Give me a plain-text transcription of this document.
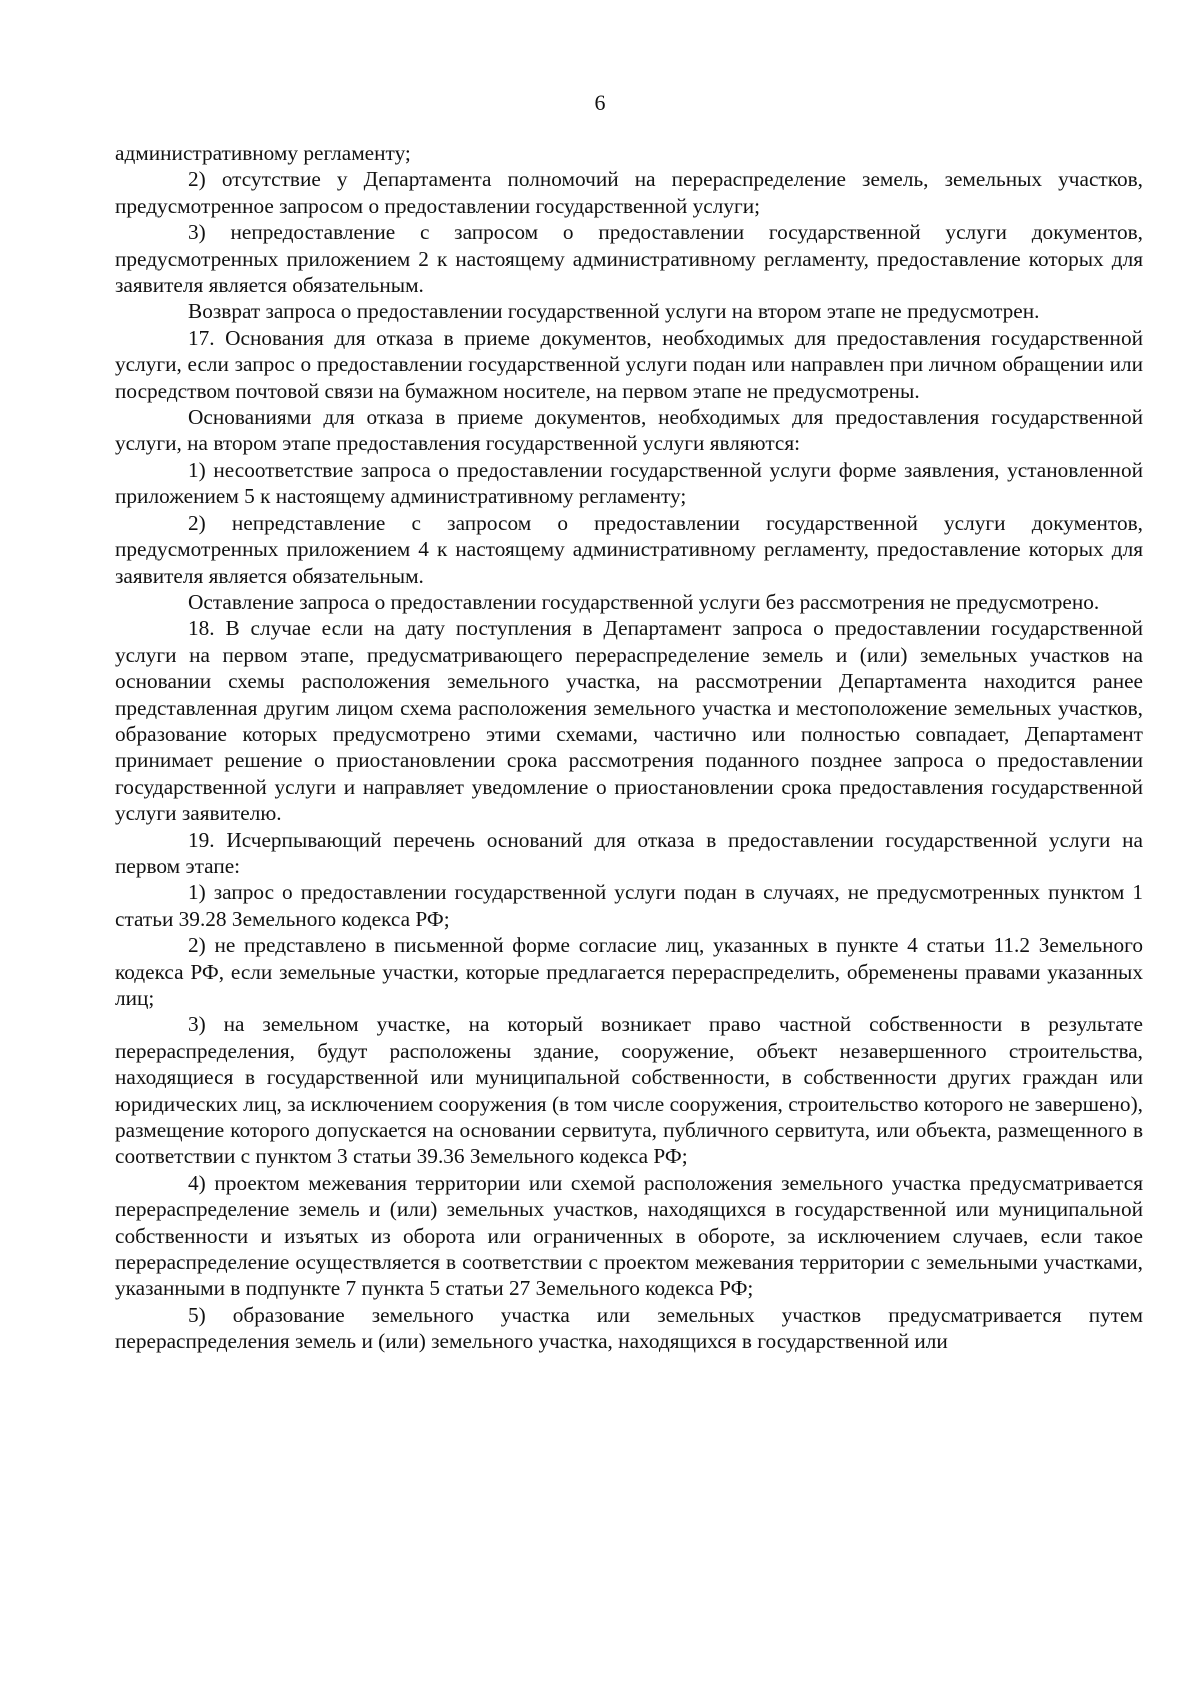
6

административному регламенту;

2) отсутствие у Департамента полномочий на перераспределение земель, земельных участков, предусмотренное запросом о предоставлении государственной услуги;

3) непредоставление с запросом о предоставлении государственной услуги документов, предусмотренных приложением 2 к настоящему административному регламенту, предоставление которых для заявителя является обязательным.

Возврат запроса о предоставлении государственной услуги на втором этапе не предусмотрен.

17. Основания для отказа в приеме документов, необходимых для предоставления государственной услуги, если запрос о предоставлении государственной услуги подан или направлен при личном обращении или посредством почтовой связи на бумажном носителе, на первом этапе не предусмотрены.

Основаниями для отказа в приеме документов, необходимых для предоставления государственной услуги, на втором этапе предоставления государственной услуги являются:

1) несоответствие запроса о предоставлении государственной услуги форме заявления, установленной приложением 5 к настоящему административному регламенту;

2) непредставление с запросом о предоставлении государственной услуги документов, предусмотренных приложением 4 к настоящему административному регламенту, предоставление которых для заявителя является обязательным.

Оставление запроса о предоставлении государственной услуги без рассмотрения не предусмотрено.

18. В случае если на дату поступления в Департамент запроса о предоставлении государственной услуги на первом этапе, предусматривающего перераспределение земель и (или) земельных участков на основании схемы расположения земельного участка, на рассмотрении Департамента находится ранее представленная другим лицом схема расположения земельного участка и местоположение земельных участков, образование которых предусмотрено этими схемами, частично или полностью совпадает, Департамент принимает решение о приостановлении срока рассмотрения поданного позднее запроса о предоставлении государственной услуги и направляет уведомление о приостановлении срока предоставления государственной услуги заявителю.

19. Исчерпывающий перечень оснований для отказа в предоставлении государственной услуги на первом этапе:

1) запрос о предоставлении государственной услуги подан в случаях, не предусмотренных пунктом 1 статьи 39.28 Земельного кодекса РФ;

2) не представлено в письменной форме согласие лиц, указанных в пункте 4 статьи 11.2 Земельного кодекса РФ, если земельные участки, которые предлагается перераспределить, обременены правами указанных лиц;

3) на земельном участке, на который возникает право частной собственности в результате перераспределения, будут расположены здание, сооружение, объект незавершенного строительства, находящиеся в государственной или муниципальной собственности, в собственности других граждан или юридических лиц, за исключением сооружения (в том числе сооружения, строительство которого не завершено), размещение которого допускается на основании сервитута, публичного сервитута, или объекта, размещенного в соответствии с пунктом 3 статьи 39.36 Земельного кодекса РФ;

4) проектом межевания территории или схемой расположения земельного участка предусматривается перераспределение земель и (или) земельных участков, находящихся в государственной или муниципальной собственности и изъятых из оборота или ограниченных в обороте, за исключением случаев, если такое перераспределение осуществляется в соответствии с проектом межевания территории с земельными участками, указанными в подпункте 7 пункта 5 статьи 27 Земельного кодекса РФ;

5) образование земельного участка или земельных участков предусматривается путем перераспределения земель и (или) земельного участка, находящихся в государственной или
